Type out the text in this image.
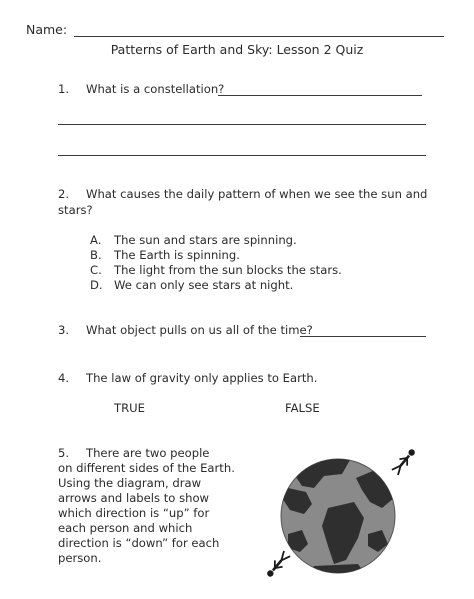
Name:
Patterns of Earth and Sky: Lesson 2 Quiz
1. What is a constellation?
2. What causes the daily pattern of when we see the sun and
stars?
A. The sun and stars are spinning.
B. The Earth is spinning.
C. The light from the sun blocks the stars.
D. We can only see stars at night.
3. What object pulls on us all of the time?
4. The law of gravity only applies to Earth.
TRUE	FALSE
5. There are two people
on different sides of the Earth.
Using the diagram, draw
arrows and labels to show
which direction is “up” for
each person and which
direction is “down” for each
person.
